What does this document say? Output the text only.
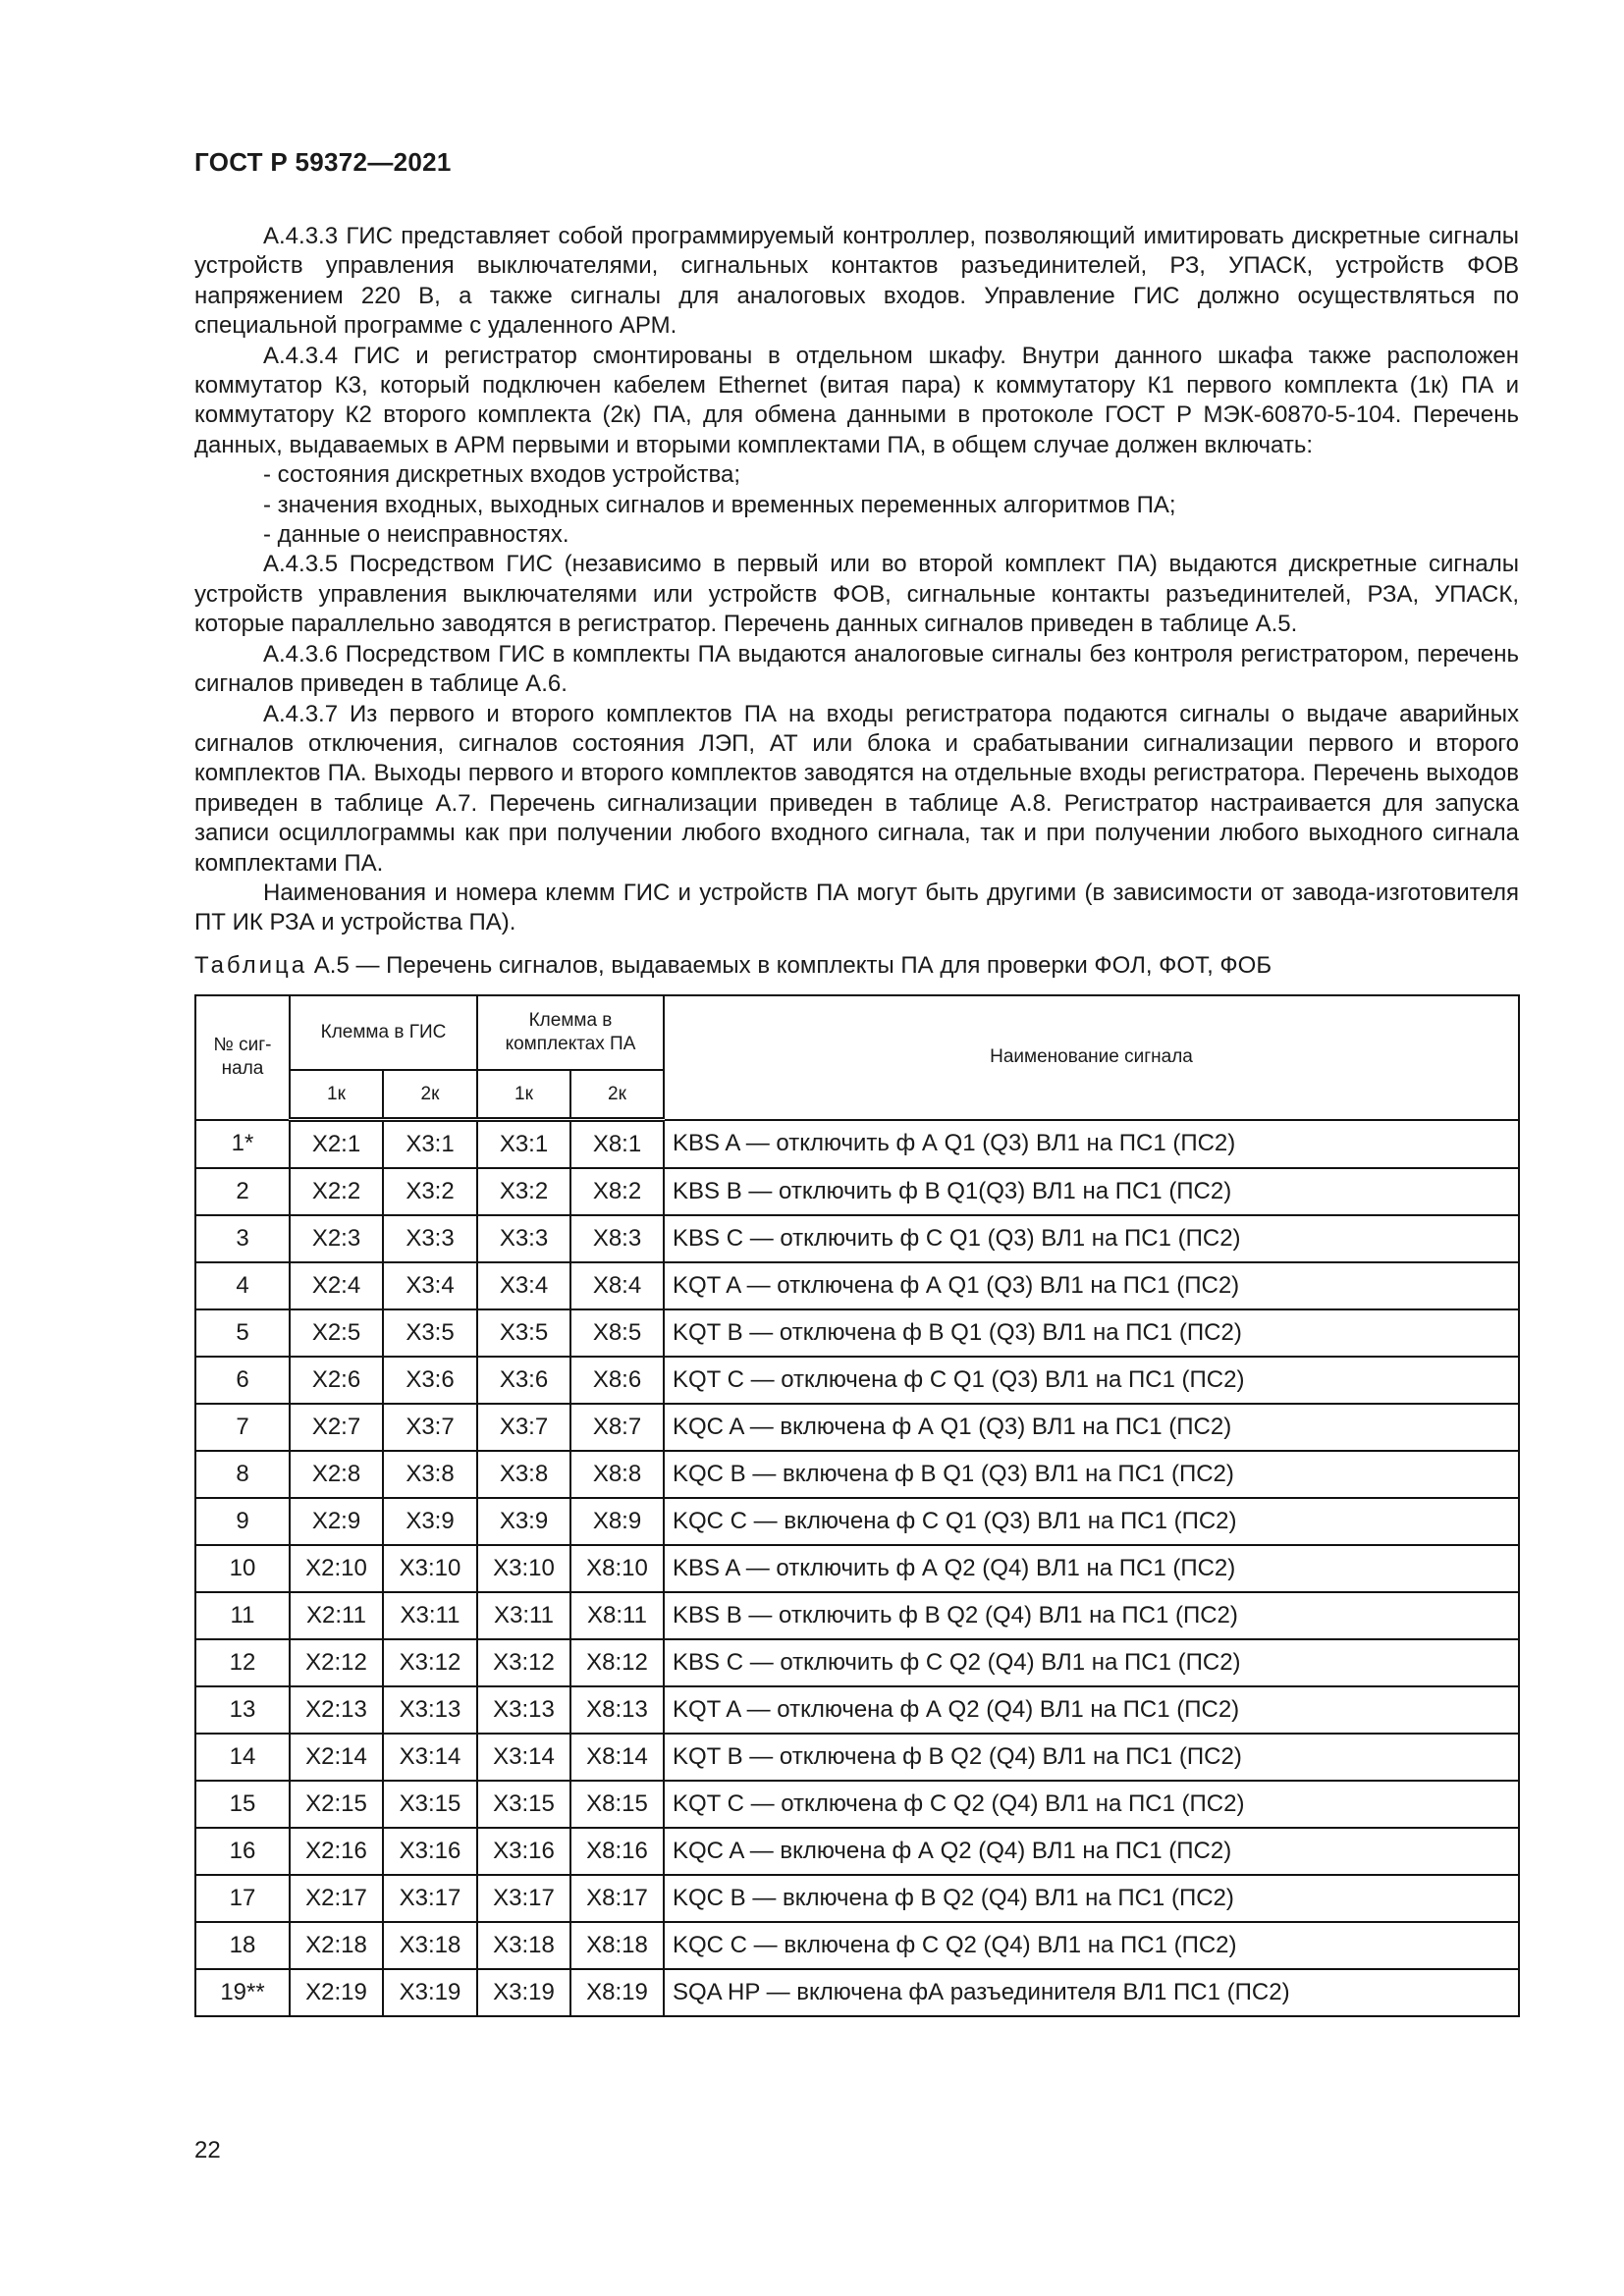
ГОСТ Р 59372—2021

А.4.3.3 ГИС представляет собой программируемый контроллер, позволяющий имитировать дискретные сигналы устройств управления выключателями, сигнальных контактов разъединителей, РЗ, УПАСК, устройств ФОВ напряжением 220 В, а также сигналы для аналоговых входов. Управление ГИС должно осуществляться по специальной программе с удаленного АРМ.

А.4.3.4 ГИС и регистратор смонтированы в отдельном шкафу. Внутри данного шкафа также расположен коммутатор К3, который подключен кабелем Ethernet (витая пара) к коммутатору К1 первого комплекта (1к) ПА и коммутатору К2 второго комплекта (2к) ПА, для обмена данными в протоколе ГОСТ Р МЭК-60870-5-104. Перечень данных, выдаваемых в АРМ первыми и вторыми комплектами ПА, в общем случае должен включать:

- состояния дискретных входов устройства;
- значения входных, выходных сигналов и временных переменных алгоритмов ПА;
- данные о неисправностях.

А.4.3.5 Посредством ГИС (независимо в первый или во второй комплект ПА) выдаются дискретные сигналы устройств управления выключателями или устройств ФОВ, сигнальные контакты разъединителей, РЗА, УПАСК, которые параллельно заводятся в регистратор. Перечень данных сигналов приведен в таблице А.5.

А.4.3.6 Посредством ГИС в комплекты ПА выдаются аналоговые сигналы без контроля регистратором, перечень сигналов приведен в таблице А.6.

А.4.3.7 Из первого и второго комплектов ПА на входы регистратора подаются сигналы о выдаче аварийных сигналов отключения, сигналов состояния ЛЭП, АТ или блока и срабатывании сигнализации первого и второго комплектов ПА. Выходы первого и второго комплектов заводятся на отдельные входы регистратора. Перечень выходов приведен в таблице А.7. Перечень сигнализации приведен в таблице А.8. Регистратор настраивается для запуска записи осциллограммы как при получении любого входного сигнала, так и при получении любого выходного сигнала комплектами ПА.

Наименования и номера клемм ГИС и устройств ПА могут быть другими (в зависимости от завода-изготовителя ПТ ИК РЗА и устройства ПА).

Таблица А.5 — Перечень сигналов, выдаваемых в комплекты ПА для проверки ФОЛ, ФОТ, ФОБ
№ сиг-нала	Клемма в ГИС		Клемма в комплектах ПА		Наименование сигнала
	1к	2к	1к	2к	
1*	X2:1	X3:1	X3:1	X8:1	KBS A — отключить ф А Q1 (Q3) ВЛ1 на ПС1 (ПС2)
2	X2:2	X3:2	X3:2	X8:2	KBS B — отключить ф В Q1(Q3) ВЛ1 на ПС1 (ПС2)
3	X2:3	X3:3	X3:3	X8:3	KBS C — отключить ф С Q1 (Q3) ВЛ1 на ПС1 (ПС2)
4	X2:4	X3:4	X3:4	X8:4	KQT A — отключена ф А Q1 (Q3) ВЛ1 на ПС1 (ПС2)
5	X2:5	X3:5	X3:5	X8:5	KQT B — отключена ф В Q1 (Q3) ВЛ1 на ПС1 (ПС2)
6	X2:6	X3:6	X3:6	X8:6	KQT C — отключена ф С Q1 (Q3) ВЛ1 на ПС1 (ПС2)
7	X2:7	X3:7	X3:7	X8:7	KQC A — включена ф А Q1 (Q3) ВЛ1 на ПС1 (ПС2)
8	X2:8	X3:8	X3:8	X8:8	KQC B — включена ф В Q1 (Q3) ВЛ1 на ПС1 (ПС2)
9	X2:9	X3:9	X3:9	X8:9	KQC C — включена ф С Q1 (Q3) ВЛ1 на ПС1 (ПС2)
10	X2:10	X3:10	X3:10	X8:10	KBS A — отключить ф А Q2 (Q4) ВЛ1 на ПС1 (ПС2)
11	X2:11	X3:11	X3:11	X8:11	KBS B — отключить ф В Q2 (Q4) ВЛ1 на ПС1 (ПС2)
12	X2:12	X3:12	X3:12	X8:12	KBS C — отключить ф С Q2 (Q4) ВЛ1 на ПС1 (ПС2)
13	X2:13	X3:13	X3:13	X8:13	KQT A — отключена ф А Q2 (Q4) ВЛ1 на ПС1 (ПС2)
14	X2:14	X3:14	X3:14	X8:14	KQT B — отключена ф В Q2 (Q4) ВЛ1 на ПС1 (ПС2)
15	X2:15	X3:15	X3:15	X8:15	KQT C — отключена ф С Q2 (Q4) ВЛ1 на ПС1 (ПС2)
16	X2:16	X3:16	X3:16	X8:16	KQC A — включена ф А Q2 (Q4) ВЛ1 на ПС1 (ПС2)
17	X2:17	X3:17	X3:17	X8:17	KQC B — включена ф В Q2 (Q4) ВЛ1 на ПС1 (ПС2)
18	X2:18	X3:18	X3:18	X8:18	KQC C — включена ф С Q2 (Q4) ВЛ1 на ПС1 (ПС2)
19**	X2:19	X3:19	X3:19	X8:19	SQA HP — включена фА разъединителя ВЛ1 ПС1 (ПС2)
22
